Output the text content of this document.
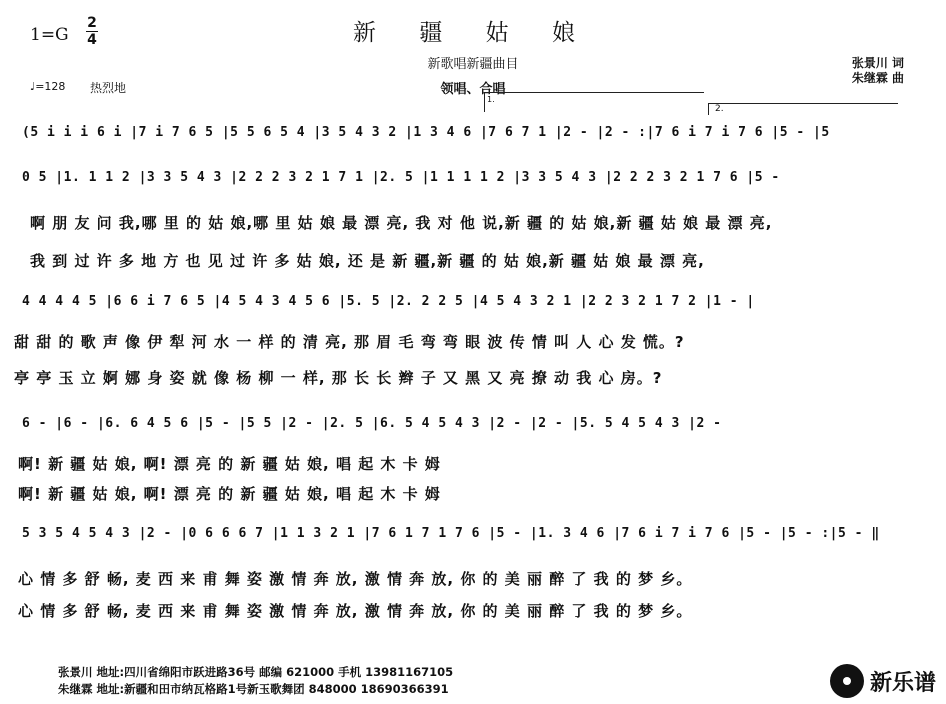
1=G
2
4	新 疆 姑 娘
新歌唱新疆曲目
领唱、合唱
张景川 词
朱继霖 曲
♩=128 热烈地
1.
2.
(5 i i i 6 i |7 i 7 6 5 |5 5 6 5 4 |3 5 4 3 2 |1 3 4 6 |7 6 7 1 |2 - |2 - :|7 6 i 7 i 7 6 |5 - |5
0 5 |1. 1 1 2 |3 3 5 4 3 |2 2 2 3 2 1 7 1 |2. 5 |1 1 1 1 2 |3 3 5 4 3 |2 2 2 3 2 1 7 6 |5 -
啊 朋 友 问 我,哪 里 的 姑 娘,哪 里 姑 娘 最 漂 亮, 我 对 他 说,新 疆 的 姑 娘,新 疆 姑 娘 最 漂 亮,
我 到 过 许 多 地 方 也 见 过 许 多 姑 娘, 还 是 新 疆,新 疆 的 姑 娘,新 疆 姑 娘 最 漂 亮,
4 4 4 4 5 |6 6 i 7 6 5 |4 5 4 3 4 5 6 |5. 5 |2. 2 2 5 |4 5 4 3 2 1 |2 2 3 2 1 7 2 |1 - |
甜 甜 的 歌 声 像 伊 犁 河 水 一 样 的 清 亮, 那 眉 毛 弯 弯 眼 波 传 情 叫 人 心 发 慌。?
亭 亭 玉 立 婀 娜 身 姿 就 像 杨 柳 一 样, 那 长 长 辫 子 又 黑 又 亮 撩 动 我 心 房。?
6 - |6 - |6. 6 4 5 6 |5 - |5 5 |2 - |2. 5 |6. 5 4 5 4 3 |2 - |2 - |5. 5 4 5 4 3 |2 -
啊! 新 疆 姑 娘, 啊! 漂 亮 的 新 疆 姑 娘, 唱 起 木 卡 姆
啊! 新 疆 姑 娘, 啊! 漂 亮 的 新 疆 姑 娘, 唱 起 木 卡 姆
5 3 5 4 5 4 3 |2 - |0 6 6 6 7 |1 1 3 2 1 |7 6 1 7 1 7 6 |5 - |1. 3 4 6 |7 6 i 7 i 7 6 |5 - |5 - :|5 - ‖
心 情 多 舒 畅, 麦 西 来 甫 舞 姿 激 情 奔 放, 激 情 奔 放, 你 的 美 丽 醉 了 我 的 梦 乡。
心 情 多 舒 畅, 麦 西 来 甫 舞 姿 激 情 奔 放, 激 情 奔 放, 你 的 美 丽 醉 了 我 的 梦 乡。
张景川 地址:四川省绵阳市跃进路36号 邮编 621000 手机 13981167105
朱继霖 地址:新疆和田市纳瓦格路1号新玉歌舞团 848000 18690366391	新乐谱
